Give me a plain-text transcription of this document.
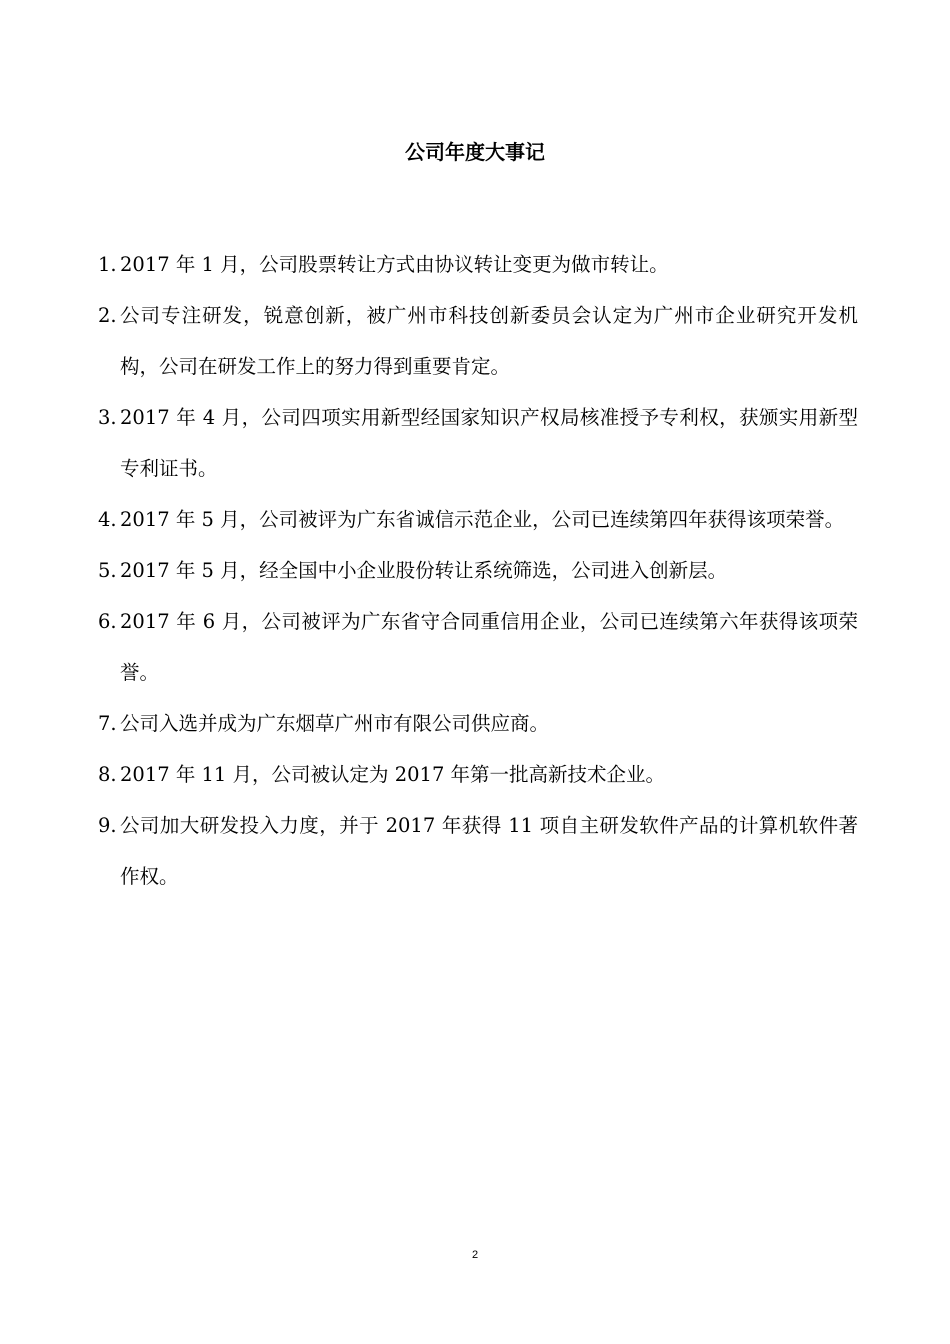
公司年度大事记
1. 2017 年 1 月，公司股票转让方式由协议转让变更为做市转让。
2. 公司专注研发，锐意创新，被广州市科技创新委员会认定为广州市企业研究开发机构，公司在研发工作上的努力得到重要肯定。
3. 2017 年 4 月，公司四项实用新型经国家知识产权局核准授予专利权，获颁实用新型专利证书。
4. 2017 年 5 月，公司被评为广东省诚信示范企业，公司已连续第四年获得该项荣誉。
5. 2017 年 5 月，经全国中小企业股份转让系统筛选，公司进入创新层。
6. 2017 年 6 月，公司被评为广东省守合同重信用企业，公司已连续第六年获得该项荣誉。
7. 公司入选并成为广东烟草广州市有限公司供应商。
8. 2017 年 11 月，公司被认定为 2017 年第一批高新技术企业。
9. 公司加大研发投入力度，并于 2017 年获得 11 项自主研发软件产品的计算机软件著作权。
2
